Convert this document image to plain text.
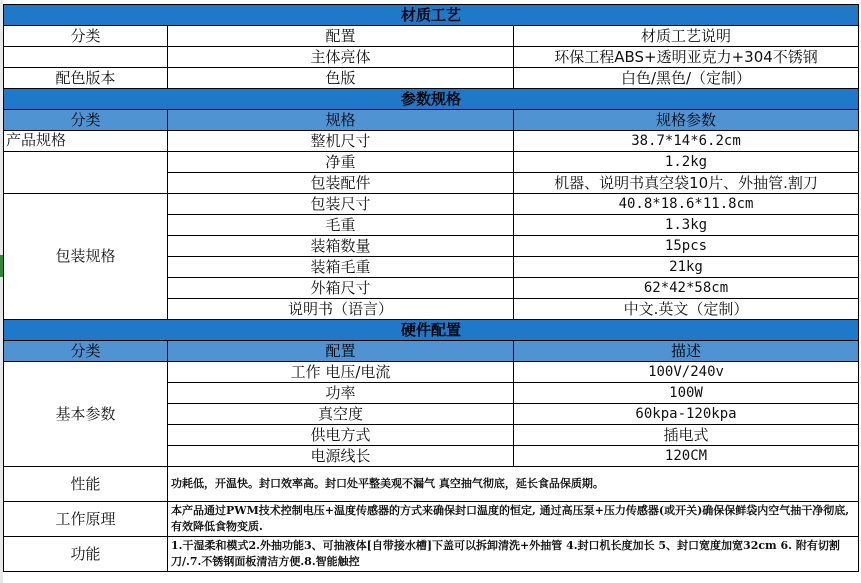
材质工艺		
分类	配置	材质工艺说明
	主体亮体	环保工程ABS+透明亚克力+304不锈钢
配色版本	色版	白色/黑色/（定制）
参数规格		
分类	规格	规格参数
产品规格	整机尺寸	38.7*14*6.2cm
	净重	1.2kg
	包装配件	机器、说明书真空袋10片、外抽管.割刀
包装规格	包装尺寸	40.8*18.6*11.8cm
	毛重	1.3kg
	装箱数量	15pcs
	装箱毛重	21kg
	外箱尺寸	62*42*58cm
	说明书（语言）	中文.英文（定制）
硬件配置		
分类	配置	描述
基本参数	工作 电压/电流	100V/240v
	功率	100W
	真空度	60kpa-120kpa
	供电方式	插电式
	电源线长	120CM
性能	功耗低，开温快。封口效率高。封口处平整美观不漏气 真空抽气彻底，延长食品保质期。	
工作原理	本产品通过PWM技术控制电压+温度传感器的方式来确保封口温度的恒定, 通过高压泵+压力传感器(或开关)确保保鲜袋内空气抽干净彻底,有效降低食物变质.	
功能	1.干湿柔和模式2.外抽功能3、可抽液体[自带接水槽]下盖可以拆卸清洗+外抽管 4.封口机长度加长 5、封口宽度加宽32cm 6. 附有切割刀/.7.不锈钢面板清洁方便.8.智能触控	
